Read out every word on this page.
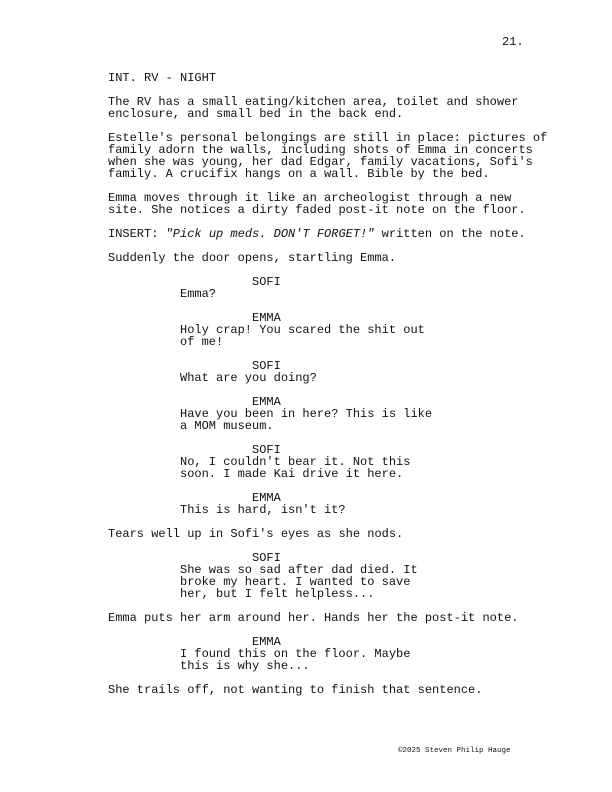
21.
INT. RV - NIGHT
The RV has a small eating/kitchen area, toilet and shower
enclosure, and small bed in the back end.
Estelle's personal belongings are still in place: pictures of
family adorn the walls, including shots of Emma in concerts
when she was young, her dad Edgar, family vacations, Sofi's
family. A crucifix hangs on a wall. Bible by the bed.
Emma moves through it like an archeologist through a new
site. She notices a dirty faded post-it note on the floor.
INSERT: "Pick up meds. DON'T FORGET!" written on the note.
Suddenly the door opens, startling Emma.
SOFI
Emma?
EMMA
Holy crap! You scared the shit out
of me!
SOFI
What are you doing?
EMMA
Have you been in here? This is like
a MOM museum.
SOFI
No, I couldn't bear it. Not this
soon. I made Kai drive it here.
EMMA
This is hard, isn't it?
Tears well up in Sofi's eyes as she nods.
SOFI
She was so sad after dad died. It
broke my heart. I wanted to save
her, but I felt helpless...
Emma puts her arm around her. Hands her the post-it note.
EMMA
I found this on the floor. Maybe
this is why she...
She trails off, not wanting to finish that sentence.
©2025 Steven Philip Hauge
